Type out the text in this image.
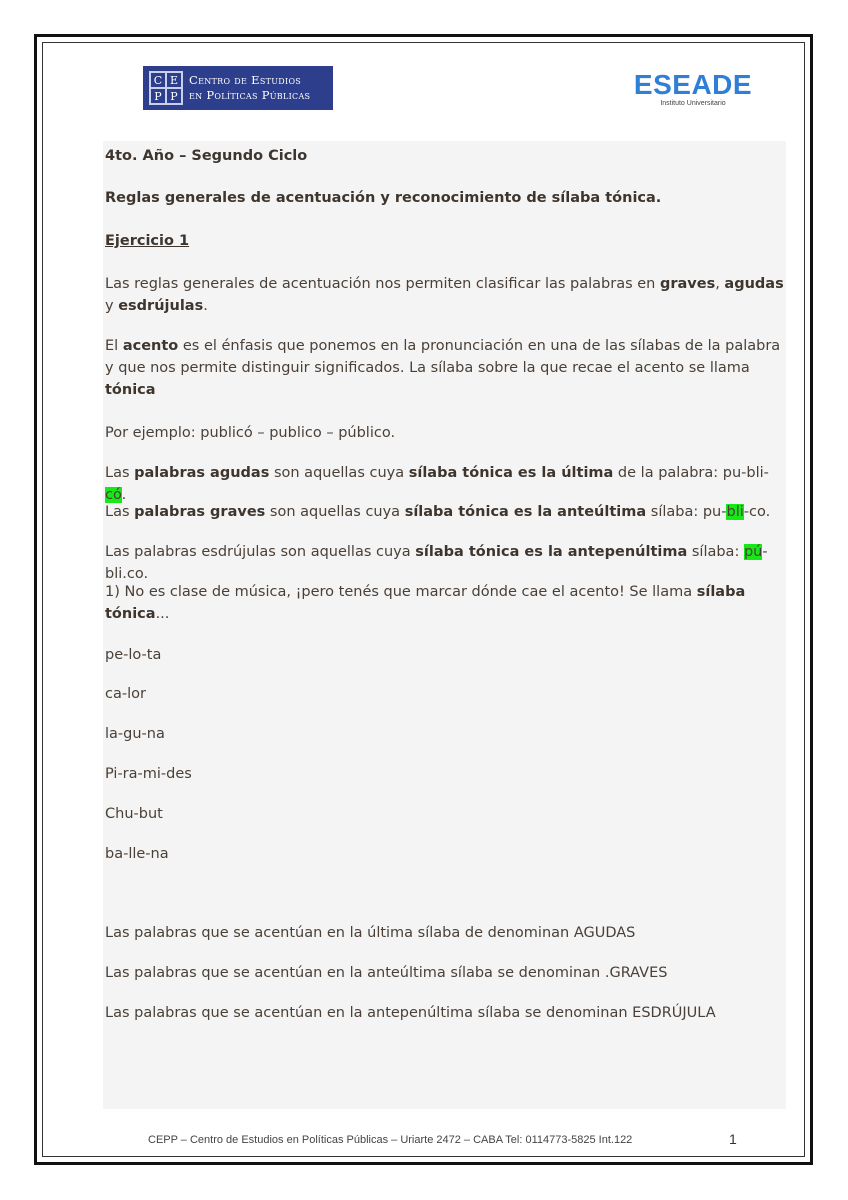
C E
P P
Centro de Estudios
en Políticas Públicas	ESEADE
Instituto Universitario

4to. Año – Segundo Ciclo

Reglas generales de acentuación y reconocimiento de sílaba tónica.

Ejercicio 1

Las reglas generales de acentuación nos permiten clasificar las palabras en graves, agudas y esdrújulas.

El acento es el énfasis que ponemos en la pronunciación en una de las sílabas de la palabra y que nos permite distinguir significados. La sílaba sobre la que recae el acento se llama tónica

Por ejemplo: publicó – publico – público.

Las palabras agudas son aquellas cuya sílaba tónica es la última de la palabra: pu-bli-có.

Las palabras graves son aquellas cuya sílaba tónica es la anteúltima sílaba: pu-bli-co.

Las palabras esdrújulas son aquellas cuya sílaba tónica es la antepenúltima sílaba: pú-bli.co.

1) No es clase de música, ¡pero tenés que marcar dónde cae el acento! Se llama sílaba tónica...

pe-lo-ta

ca-lor

la-gu-na

Pi-ra-mi-des

Chu-but

ba-lle-na

Las palabras que se acentúan en la última sílaba de denominan AGUDAS

Las palabras que se acentúan en la anteúltima sílaba se denominan .GRAVES

Las palabras que se acentúan en la antepenúltima sílaba se denominan ESDRÚJULA

CEPP – Centro de Estudios en Políticas Públicas – Uriarte 2472 – CABA Tel: 0114773-5825 Int.122	1
